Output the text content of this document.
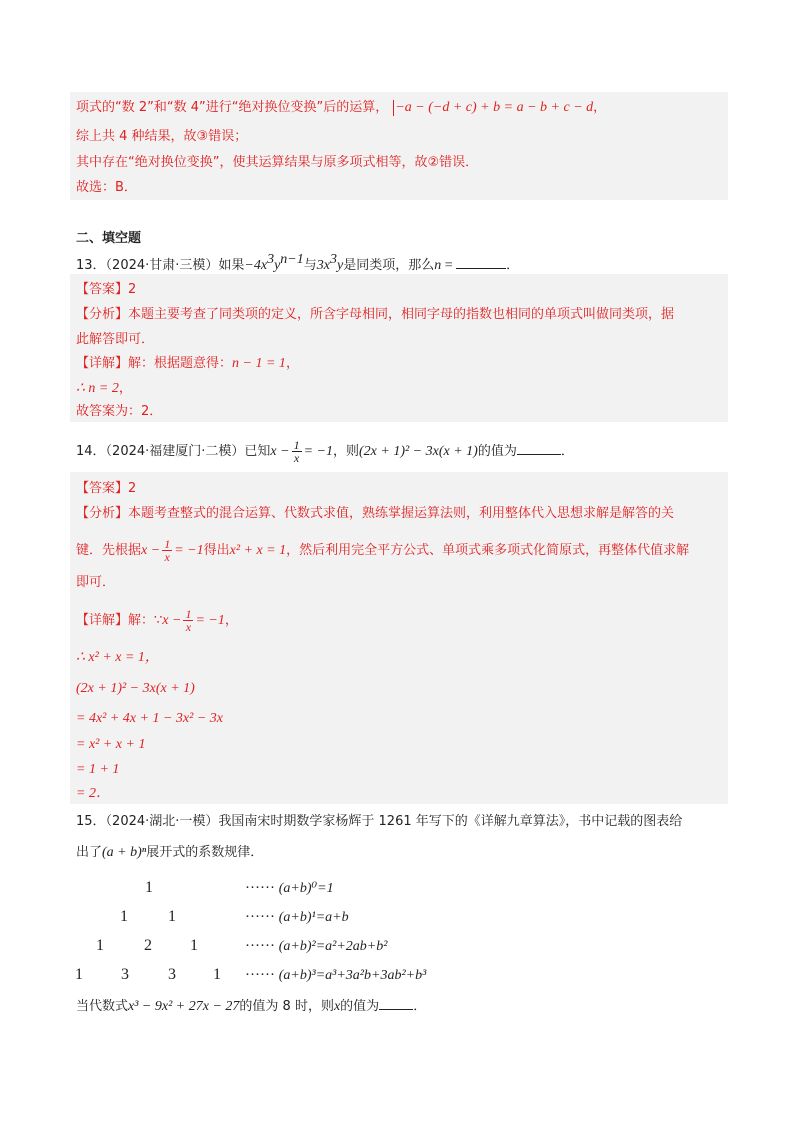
项式的“数 2”和“数 4”进行“绝对换位变换”后的运算， −a − (−d + c) + b = a − b + c − d，
综上共 4 种结果，故③错误；
其中存在“绝对换位变换”，使其运算结果与原多项式相等，故②错误．
故选：B．
二、填空题
13．（2024·甘肃·三模）如果$-4x^3y^{n-1}$与$3x^3y$是同类项，那么n =	．
【答案】2
【分析】本题主要考查了同类项的定义，所含字母相同，相同字母的指数也相同的单项式叫做同类项，据
此解答即可．
【详解】解：根据题意得：n − 1 = 1，
∴ n = 2，
故答案为：2．
14．（2024·福建厦门·二模）已知$x - \frac{1}{x} = -1$，则(2x + 1)² − 3x(x + 1)的值为	．
【答案】2
【分析】本题考查整式的混合运算、代数式求值，熟练掌握运算法则，利用整体代入思想求解是解答的关
键．先根据$x - \frac{1}{x} = -1$得出x² + x = 1，然后利用完全平方公式、单项式乘多项式化简原式，再整体代值求解
即可．
【详解】解：∵x − $\frac{1}{x} = -1$，
∴ x² + x = 1，
(2x + 1)² − 3x(x + 1)
= 4x² + 4x + 1 − 3x² − 3x
= x² + x + 1
= 1 + 1
= 2．
15．（2024·湖北·一模）我国南宋时期数学家杨辉于 1261 年写下的《详解九章算法》，书中记载的图表给
出了(a + b)ⁿ展开式的系数规律．
1	······ (a+b)⁰=1
1	1	······ (a+b)¹=a+b
1	2 1	······ (a+b)²=a²+2ab+b²
1 3 3 1 ······ (a+b)³=a³+3a²b+3ab²+b³
当代数式x³ − 9x² + 27x − 27的值为 8 时，则x的值为	．
